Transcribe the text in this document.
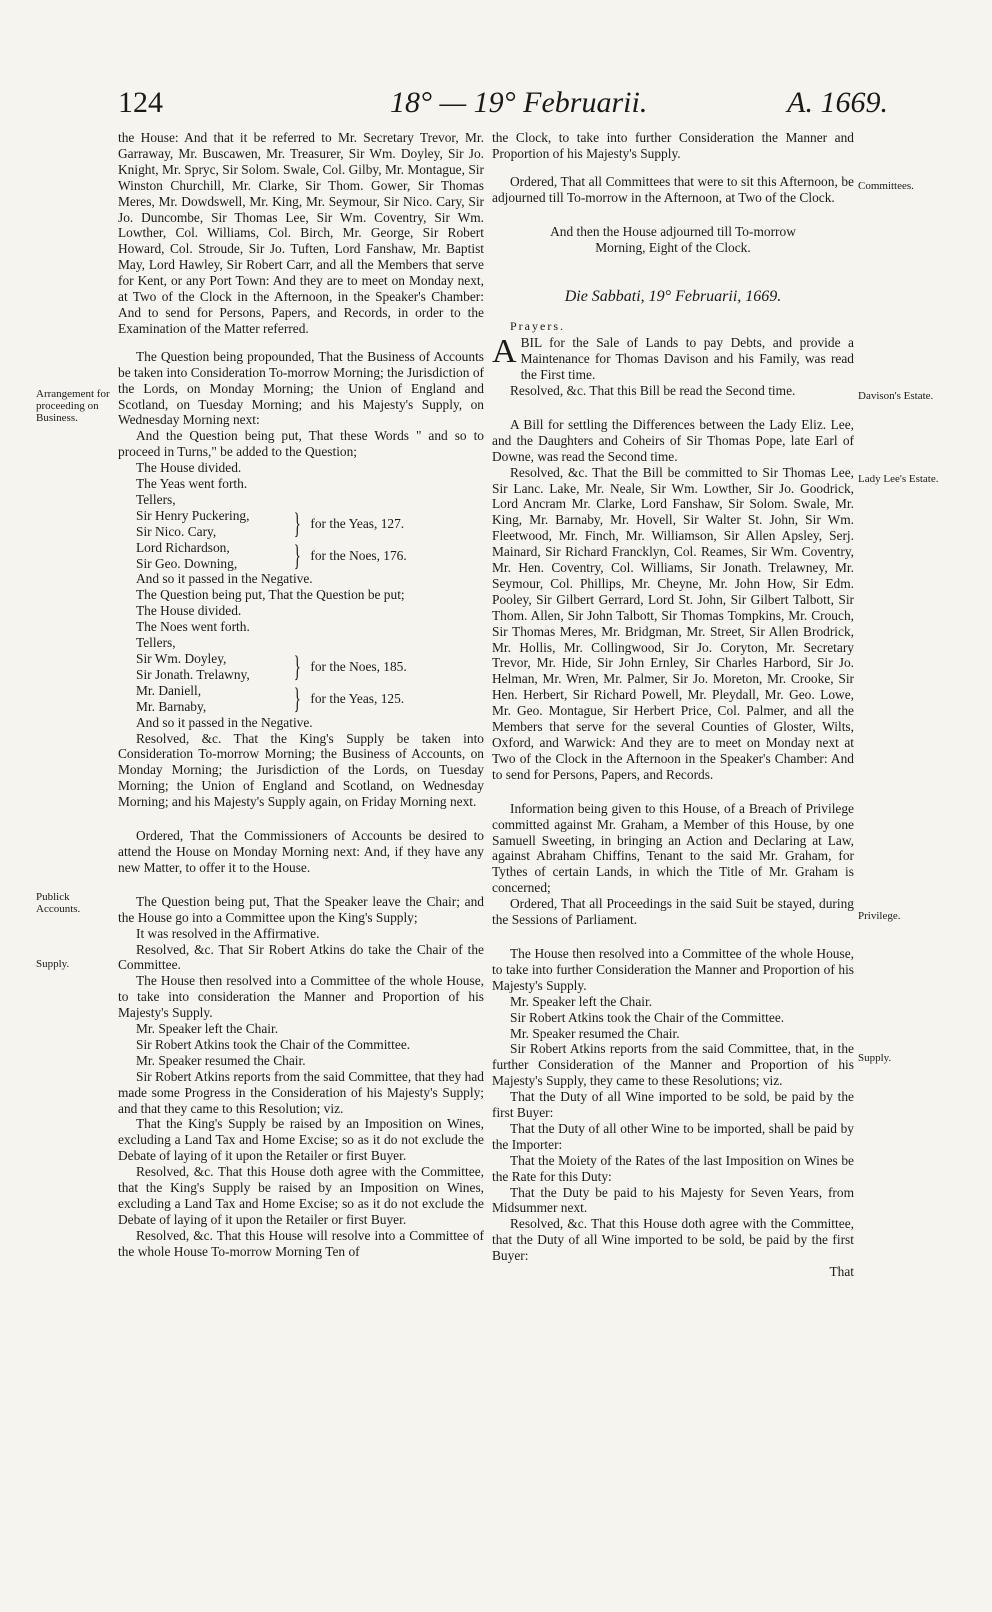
124	18° — 19° Februarii.	A. 1669.
Arrangement for proceeding on Business.
Publick Accounts.
Supply.
Committees.
Davison's Estate.
Lady Lee's Estate.
Privilege.
Supply.

the House: And that it be referred to Mr. Secretary Trevor, Mr. Garraway, Mr. Buscawen, Mr. Treasurer, Sir Wm. Doyley, Sir Jo. Knight, Mr. Spryc, Sir Solom. Swale, Col. Gilby, Mr. Montague, Sir Winston Churchill, Mr. Clarke, Sir Thom. Gower, Sir Thomas Meres, Mr. Dowdswell, Mr. King, Mr. Seymour, Sir Nico. Cary, Sir Jo. Duncombe, Sir Thomas Lee, Sir Wm. Coventry, Sir Wm. Lowther, Col. Williams, Col. Birch, Mr. George, Sir Robert Howard, Col. Stroude, Sir Jo. Tuften, Lord Fanshaw, Mr. Baptist May, Lord Hawley, Sir Robert Carr, and all the Members that serve for Kent, or any Port Town: And they are to meet on Monday next, at Two of the Clock in the Afternoon, in the Speaker's Chamber: And to send for Persons, Papers, and Records, in order to the Examination of the Matter referred.

The Question being propounded, That the Business of Accounts be taken into Consideration To-morrow Morning; the Jurisdiction of the Lords, on Monday Morning; the Union of England and Scotland, on Tuesday Morning; and his Majesty's Supply, on Wednesday Morning next:

And the Question being put, That these Words " and so to proceed in Turns," be added to the Question;

The House divided.

The Yeas went forth.

Tellers,

Sir Henry Puckering,
Sir Nico. Cary,	} for the Yeas, 127.
Lord Richardson,
Sir Geo. Downing,	} for the Noes, 176.

And so it passed in the Negative.

The Question being put, That the Question be put;

The House divided.

The Noes went forth.

Tellers,

Sir Wm. Doyley,
Sir Jonath. Trelawny,	} for the Noes, 185.
Mr. Daniell,
Mr. Barnaby,	} for the Yeas, 125.

And so it passed in the Negative.

Resolved, &c. That the King's Supply be taken into Consideration To-morrow Morning; the Business of Accounts, on Monday Morning; the Jurisdiction of the Lords, on Tuesday Morning; the Union of England and Scotland, on Wednesday Morning; and his Majesty's Supply again, on Friday Morning next.

Ordered, That the Commissioners of Accounts be desired to attend the House on Monday Morning next: And, if they have any new Matter, to offer it to the House.

The Question being put, That the Speaker leave the Chair; and the House go into a Committee upon the King's Supply;

It was resolved in the Affirmative.

Resolved, &c. That Sir Robert Atkins do take the Chair of the Committee.

The House then resolved into a Committee of the whole House, to take into consideration the Manner and Proportion of his Majesty's Supply.

Mr. Speaker left the Chair.

Sir Robert Atkins took the Chair of the Committee.

Mr. Speaker resumed the Chair.

Sir Robert Atkins reports from the said Committee, that they had made some Progress in the Consideration of his Majesty's Supply; and that they came to this Resolution; viz.

That the King's Supply be raised by an Imposition on Wines, excluding a Land Tax and Home Excise; so as it do not exclude the Debate of laying of it upon the Retailer or first Buyer.

Resolved, &c. That this House doth agree with the Committee, that the King's Supply be raised by an Imposition on Wines, excluding a Land Tax and Home Excise; so as it do not exclude the Debate of laying of it upon the Retailer or first Buyer.

Resolved, &c. That this House will resolve into a Committee of the whole House To-morrow Morning Ten of

the Clock, to take into further Consideration the Manner and Proportion of his Majesty's Supply.

Ordered, That all Committees that were to sit this Afternoon, be adjourned till To-morrow in the Afternoon, at Two of the Clock.

And then the House adjourned till To-morrow Morning, Eight of the Clock.

Die Sabbati, 19° Februarii, 1669.

Prayers.

ABIL for the Sale of Lands to pay Debts, and provide a Maintenance for Thomas Davison and his Family, was read the First time.

Resolved, &c. That this Bill be read the Second time.

A Bill for settling the Differences between the Lady Eliz. Lee, and the Daughters and Coheirs of Sir Thomas Pope, late Earl of Downe, was read the Second time.

Resolved, &c. That the Bill be committed to Sir Thomas Lee, Sir Lanc. Lake, Mr. Neale, Sir Wm. Lowther, Sir Jo. Goodrick, Lord Ancram Mr. Clarke, Lord Fanshaw, Sir Solom. Swale, Mr. King, Mr. Barnaby, Mr. Hovell, Sir Walter St. John, Sir Wm. Fleetwood, Mr. Finch, Mr. Williamson, Sir Allen Apsley, Serj. Mainard, Sir Richard Francklyn, Col. Reames, Sir Wm. Coventry, Mr. Hen. Coventry, Col. Williams, Sir Jonath. Trelawney, Mr. Seymour, Col. Phillips, Mr. Cheyne, Mr. John How, Sir Edm. Pooley, Sir Gilbert Gerrard, Lord St. John, Sir Gilbert Talbott, Sir Thom. Allen, Sir John Talbott, Sir Thomas Tompkins, Mr. Crouch, Sir Thomas Meres, Mr. Bridgman, Mr. Street, Sir Allen Brodrick, Mr. Hollis, Mr. Collingwood, Sir Jo. Coryton, Mr. Secretary Trevor, Mr. Hide, Sir John Ernley, Sir Charles Harbord, Sir Jo. Helman, Mr. Wren, Mr. Palmer, Sir Jo. Moreton, Mr. Crooke, Sir Hen. Herbert, Sir Richard Powell, Mr. Pleydall, Mr. Geo. Lowe, Mr. Geo. Montague, Sir Herbert Price, Col. Palmer, and all the Members that serve for the several Counties of Gloster, Wilts, Oxford, and Warwick: And they are to meet on Monday next at Two of the Clock in the Afternoon in the Speaker's Chamber: And to send for Persons, Papers, and Records.

Information being given to this House, of a Breach of Privilege committed against Mr. Graham, a Member of this House, by one Samuell Sweeting, in bringing an Action and Declaring at Law, against Abraham Chiffins, Tenant to the said Mr. Graham, for Tythes of certain Lands, in which the Title of Mr. Graham is concerned;

Ordered, That all Proceedings in the said Suit be stayed, during the Sessions of Parliament.

The House then resolved into a Committee of the whole House, to take into further Consideration the Manner and Proportion of his Majesty's Supply.

Mr. Speaker left the Chair.

Sir Robert Atkins took the Chair of the Committee.

Mr. Speaker resumed the Chair.

Sir Robert Atkins reports from the said Committee, that, in the further Consideration of the Manner and Proportion of his Majesty's Supply, they came to these Resolutions; viz.

That the Duty of all Wine imported to be sold, be paid by the first Buyer:

That the Duty of all other Wine to be imported, shall be paid by the Importer:

That the Moiety of the Rates of the last Imposition on Wines be the Rate for this Duty:

That the Duty be paid to his Majesty for Seven Years, from Midsummer next.

Resolved, &c. That this House doth agree with the Committee, that the Duty of all Wine imported to be sold, be paid by the first Buyer:

That
